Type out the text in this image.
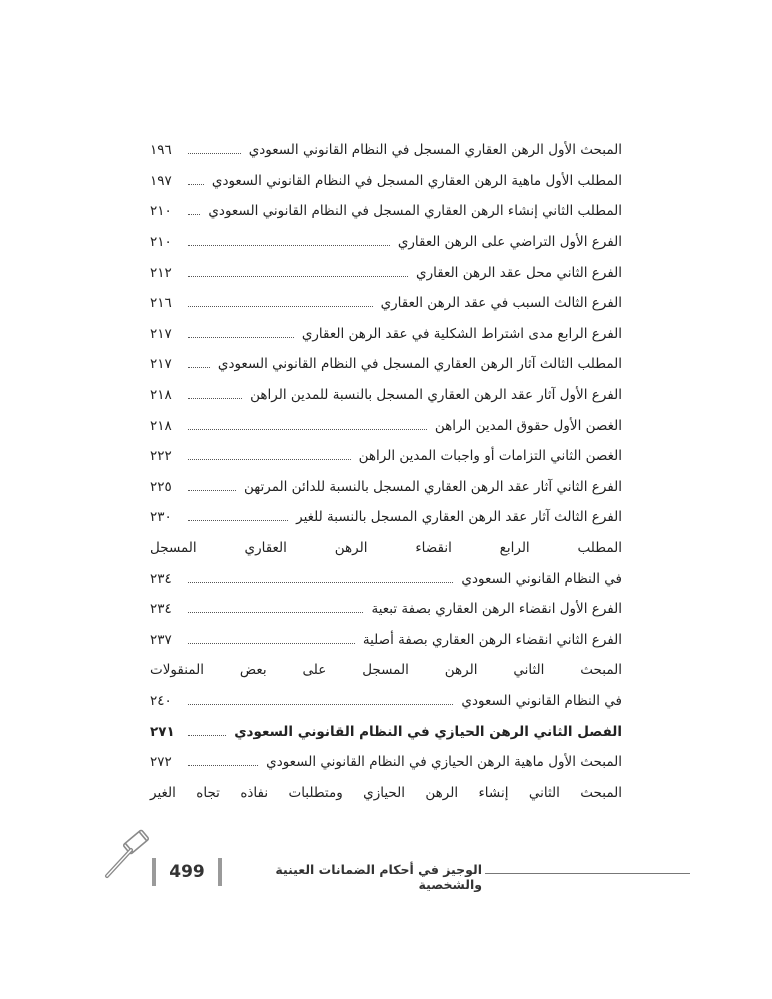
المبحث الأول الرهن العقاري المسجل في النظام القانوني السعودي
١٩٦
المطلب الأول ماهية الرهن العقاري المسجل في النظام القانوني السعودي
١٩٧
المطلب الثاني إنشاء الرهن العقاري المسجل في النظام القانوني السعودي
٢١٠
الفرع الأول التراضي على الرهن العقاري
٢١٠
الفرع الثاني محل عقد الرهن العقاري
٢١٢
الفرع الثالث السبب في عقد الرهن العقاري
٢١٦
الفرع الرابع مدى اشتراط الشكلية في عقد الرهن العقاري
٢١٧
المطلب الثالث آثار الرهن العقاري المسجل في النظام القانوني السعودي
٢١٧
الفرع الأول آثار عقد الرهن العقاري المسجل بالنسبة للمدين الراهن
٢١٨
الغصن الأول حقوق المدين الراهن
٢١٨
الغصن الثاني التزامات أو واجبات المدين الراهن
٢٢٢
الفرع الثاني آثار عقد الرهن العقاري المسجل بالنسبة للدائن المرتهن
٢٢٥
الفرع الثالث آثار عقد الرهن العقاري المسجل بالنسبة للغير
٢٣٠
المطلب الرابع انقضاء الرهن العقاري المسجل
في النظام القانوني السعودي
٢٣٤
الفرع الأول انقضاء الرهن العقاري بصفة تبعية
٢٣٤
الفرع الثاني انقضاء الرهن العقاري بصفة أصلية
٢٣٧
المبحث الثاني الرهن المسجل على بعض المنقولات
في النظام القانوني السعودي
٢٤٠
الفصل الثاني الرهن الحيازي في النظام القانوني السعودي
٢٧١
المبحث الأول ماهية الرهن الحيازي في النظام القانوني السعودي
٢٧٢
المبحث الثاني إنشاء الرهن الحيازي ومتطلبات نفاذه تجاه الغير
الوجيز في أحكام الضمانات العينية والشخصية
499
